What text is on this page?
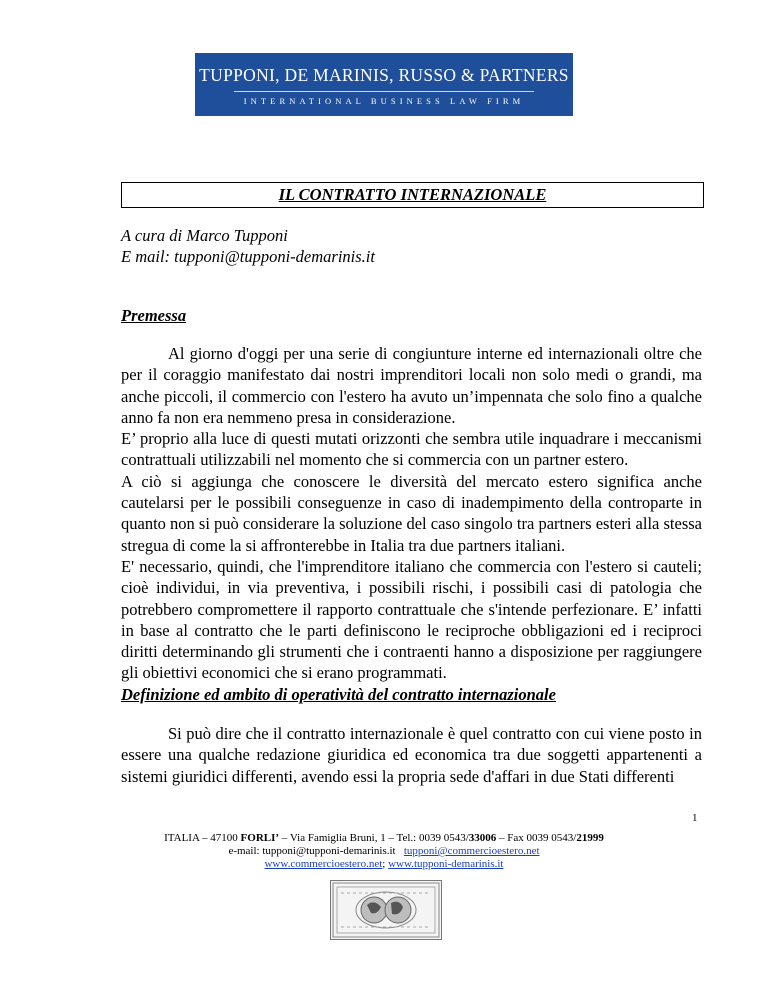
TUPPONI, DE MARINIS, RUSSO & PARTNERS
INTERNATIONAL BUSINESS LAW FIRM
IL CONTRATTO INTERNAZIONALE
A cura di Marco Tupponi
E mail: tupponi@tupponi-demarinis.it
Premessa

Al giorno d'oggi per una serie di congiunture interne ed internazionali oltre che per il coraggio manifestato dai nostri imprenditori locali non solo medi o grandi, ma anche piccoli, il commercio con l'estero ha avuto un’impennata che solo fino a qualche anno fa non era nemmeno presa in considerazione.

E’ proprio alla luce di questi mutati orizzonti che sembra utile inquadrare i meccanismi contrattuali utilizzabili nel momento che si commercia con un partner estero.

A ciò si aggiunga che conoscere le diversità del mercato estero significa anche cautelarsi per le possibili conseguenze in caso di inadempimento della controparte in quanto non si può considerare la soluzione del caso singolo tra partners esteri alla stessa stregua di come la si affronterebbe in Italia tra due partners italiani.

E' necessario, quindi, che l'imprenditore italiano che commercia con l'estero si cauteli; cioè individui, in via preventiva, i possibili rischi, i possibili casi di patologia che potrebbero compromettere il rapporto contrattuale che s'intende perfezionare. E’ infatti in base al contratto che le parti definiscono le reciproche obbligazioni ed i reciproci diritti determinando gli strumenti che i contraenti hanno a disposizione per raggiungere gli obiettivi economici che si erano programmati.

Definizione ed ambito di operatività del contratto internazionale

Si può dire che il contratto internazionale è quel contratto con cui viene posto in essere una qualche redazione giuridica ed economica tra due soggetti appartenenti a sistemi giuridici differenti, avendo essi la propria sede d'affari in due Stati differenti

1
ITALIA – 47100 FORLI’ – Via Famiglia Bruni, 1 – Tel.: 0039 0543/33006 – Fax 0039 0543/21999
e-mail: tupponi@tupponi-demarinis.it tupponi@commercioestero.net
www.commercioestero.net; www.tupponi-demarinis.it
